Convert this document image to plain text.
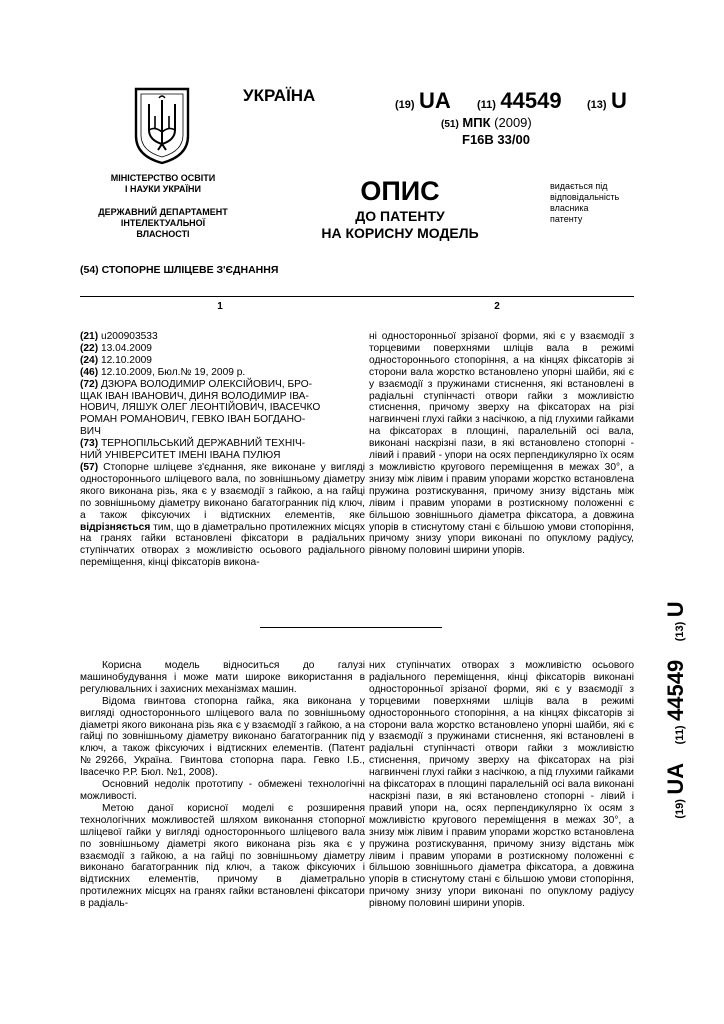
МІНІСТЕРСТВО ОСВІТИ
І НАУКИ УКРАЇНИ
ДЕРЖАВНИЙ ДЕПАРТАМЕНТ
ІНТЕЛЕКТУАЛЬНОЇ
ВЛАСНОСТІ
УКРАЇНА	(19) UA (11) 44549 (13) U
(51) МПК (2009)
F16B 33/00
ОПИС
ДО ПАТЕНТУ
НА КОРИСНУ МОДЕЛЬ
видається під
відповідальність
власника
патенту
(54) СТОПОРНЕ ШЛІЦЕВЕ З'ЄДНАННЯ
1	2

(21) u200903533

(22) 13.04.2009

(24) 12.10.2009

(46) 12.10.2009, Бюл.№ 19, 2009 р.

(72) ДЗЮРА ВОЛОДИМИР ОЛЕКСІЙОВИЧ, БРО-

ЩАК ІВАН ІВАНОВИЧ, ДИНЯ ВОЛОДИМИР ІВА-

НОВИЧ, ЛЯШУК ОЛЕГ ЛЕОНТІЙОВИЧ, ІВАСЕЧКО

РОМАН РОМАНОВИЧ, ГЕВКО ІВАН БОГДАНО-

ВИЧ

(73) ТЕРНОПІЛЬСЬКИЙ ДЕРЖАВНИЙ ТЕХНІЧ-

НИЙ УНІВЕРСИТЕТ ІМЕНІ ІВАНА ПУЛЮЯ

(57) Стопорне шліцеве з'єднання, яке виконане у вигляді одностороннього шліцевого вала, по зовнішньому діаметру якого виконана різь, яка є у взаємодії з гайкою, а на гайці по зовнішньому діаметру виконано багатогранник під ключ, а також фіксуючих і відтискних елементів, яке відрізняється тим, що в діаметрально протилежних місцях на гранях гайки встановлені фіксатори в радіальних ступінчатих отворах з можливістю осьового радіального переміщення, кінці фіксаторів викона-

ні односторонньої зрізаної форми, які є у взаємодії з торцевими поверхнями шліців вала в режимі одностороннього стопоріння, а на кінцях фіксаторів зі сторони вала жорстко встановлено упорні шайби, які є у взаємодії з пружинами стиснення, які встановлені в радіальні ступінчасті отвори гайки з можливістю стиснення, причому зверху на фіксаторах на різі нагвинчені глухі гайки з насічкою, а під глухими гайками на фіксаторах в площині, паралельній осі вала, виконані наскрізні пази, в які встановлено стопорні - лівий і правий - упори на осях перпендикулярно їх осям з можливістю кругового переміщення в межах 30°, а знизу між лівим і правим упорами жорстко встановлена пружина розтискування, причому знизу відстань між лівим і правим упорами в розтискному положенні є більшою зовнішнього діаметра фіксатора, а довжина упорів в стиснутому стані є більшою умови стопоріння, причому знизу упори виконані по опуклому радіусу, рівному половині ширини упорів.

Корисна модель відноситься до галузі машинобудування і може мати широке використання в регулювальних і захисних механізмах машин.

Відома гвинтова стопорна гайка, яка виконана у вигляді одностороннього шліцевого вала по зовнішньому діаметрі якого виконана різь яка є у взаємодії з гайкою, а на гайці по зовнішньому діаметру виконано багатогранник під ключ, а також фіксуючих і відтискних елементів. (Патент №29266, Україна. Гвинтова стопорна пара. Гевко І.Б., Івасечко Р.Р. Бюл. №1, 2008).

Основний недолік прототипу - обмежені технологічні можливості.

Метою даної корисної моделі є розширення технологічних можливостей шляхом виконання стопорної шліцевої гайки у вигляді одностороннього шліцевого вала по зовнішньому діаметрі якого виконана різь яка є у взаємодії з гайкою, а на гайці по зовнішньому діаметру виконано багатогранник під ключ, а також фіксуючих і відтискних елементів, причому в діаметрально протилежних місцях на гранях гайки встановлені фіксатори в радіаль-

них ступінчатих отворах з можливістю осьового радіального переміщення, кінці фіксаторів виконані односторонньої зрізаної форми, які є у взаємодії з торцевими поверхнями шліців вала в режимі одностороннього стопоріння, а на кінцях фіксаторів зі сторони вала жорстко встановлено упорні шайби, які є у взаємодії з пружинами стиснення, які встановлені в радіальні ступінчасті отвори гайки з можливістю стиснення, причому зверху на фіксаторах на різі нагвинчені глухі гайки з насічкою, а під глухими гайками на фіксаторах в площині паралельній осі вала виконані наскрізні пази, в які встановлено стопорні - лівий і правий упори на, осях перпендикулярно їх осям з можливістю кругового переміщення в межах 30°, а знизу між лівим і правим упорами жорстко встановлена пружина розтискування, причому знизу відстань між лівим і правим упорами в розтискному положенні є більшою зовнішнього діаметра фіксатора, а довжина упорів в стиснутому стані є більшою умови стопоріння, причому знизу упори виконані по опуклому радіусу рівному половині ширини упорів.
(19) UA (11) 44549 (13) U
